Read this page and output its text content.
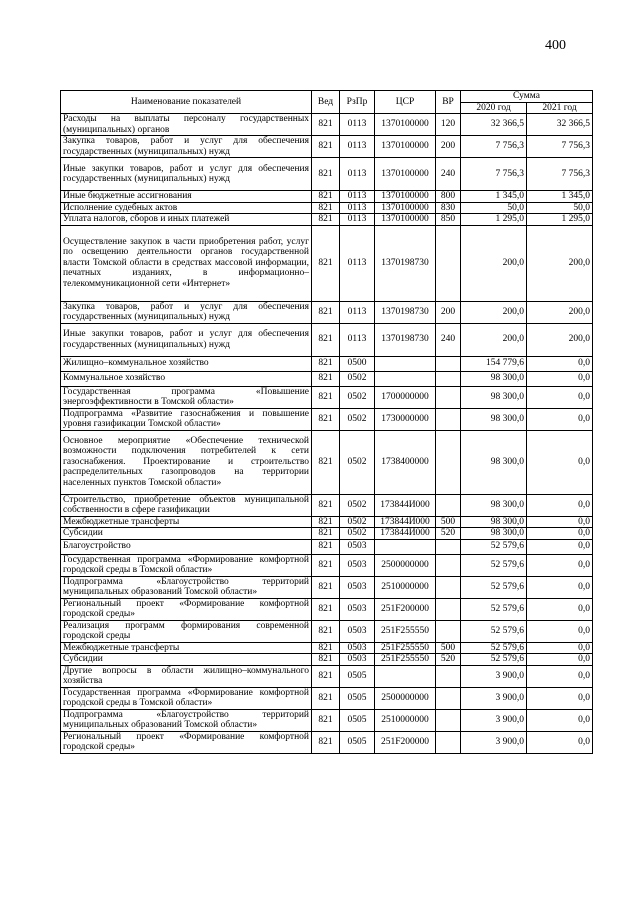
400
Наименование показателей	Вед	РзПр	ЦСР	ВР	Сумма	
					2020 год	2021 год
Расходы на выплаты персоналу государственных (муниципальных) органов	821	0113	1370100000	120	32 366,5	32 366,5
Закупка товаров, работ и услуг для обеспечения государственных (муниципальных) нужд	821	0113	1370100000	200	7 756,3	7 756,3
Иные закупки товаров, работ и услуг для обеспечения государственных (муниципальных) нужд	821	0113	1370100000	240	7 756,3	7 756,3
Иные бюджетные ассигнования	821	0113	1370100000	800	1 345,0	1 345,0
Исполнение судебных актов	821	0113	1370100000	830	50,0	50,0
Уплата налогов, сборов и иных платежей	821	0113	1370100000	850	1 295,0	1 295,0
Осуществление закупок в части приобретения работ, услуг по освещению деятельности органов государственной власти Томской области в средствах массовой информации, печатных изданиях, в информационно–телекоммуникационной сети «Интернет»	821	0113	1370198730		200,0	200,0
Закупка товаров, работ и услуг для обеспечения государственных (муниципальных) нужд	821	0113	1370198730	200	200,0	200,0
Иные закупки товаров, работ и услуг для обеспечения государственных (муниципальных) нужд	821	0113	1370198730	240	200,0	200,0
Жилищно–коммунальное хозяйство	821	0500			154 779,6	0,0
Коммунальное хозяйство	821	0502			98 300,0	0,0
Государственная программа «Повышение энергоэффективности в Томской области»	821	0502	1700000000		98 300,0	0,0
Подпрограмма «Развитие газоснабжения и повышение уровня газификации Томской области»	821	0502	1730000000		98 300,0	0,0
Основное мероприятие «Обеспечение технической возможности подключения потребителей к сети газоснабжения. Проектирование и строительство распределительных газопроводов на территории населенных пунктов Томской области»	821	0502	1738400000		98 300,0	0,0
Строительство, приобретение объектов муниципальной собственности в сфере газификации	821	0502	173844И000		98 300,0	0,0
Межбюджетные трансферты	821	0502	173844И000	500	98 300,0	0,0
Субсидии	821	0502	173844И000	520	98 300,0	0,0
Благоустройство	821	0503			52 579,6	0,0
Государственная программа «Формирование комфортной городской среды в Томской области»	821	0503	2500000000		52 579,6	0,0
Подпрограмма «Благоустройство территорий муниципальных образований Томской области»	821	0503	2510000000		52 579,6	0,0
Региональный проект «Формирование комфортной городской среды»	821	0503	251F200000		52 579,6	0,0
Реализация программ формирования современной городской среды	821	0503	251F255550		52 579,6	0,0
Межбюджетные трансферты	821	0503	251F255550	500	52 579,6	0,0
Субсидии	821	0503	251F255550	520	52 579,6	0,0
Другие вопросы в области жилищно–коммунального хозяйства	821	0505			3 900,0	0,0
Государственная программа «Формирование комфортной городской среды в Томской области»	821	0505	2500000000		3 900,0	0,0
Подпрограмма «Благоустройство территорий муниципальных образований Томской области»	821	0505	2510000000		3 900,0	0,0
Региональный проект «Формирование комфортной городской среды»	821	0505	251F200000		3 900,0	0,0
